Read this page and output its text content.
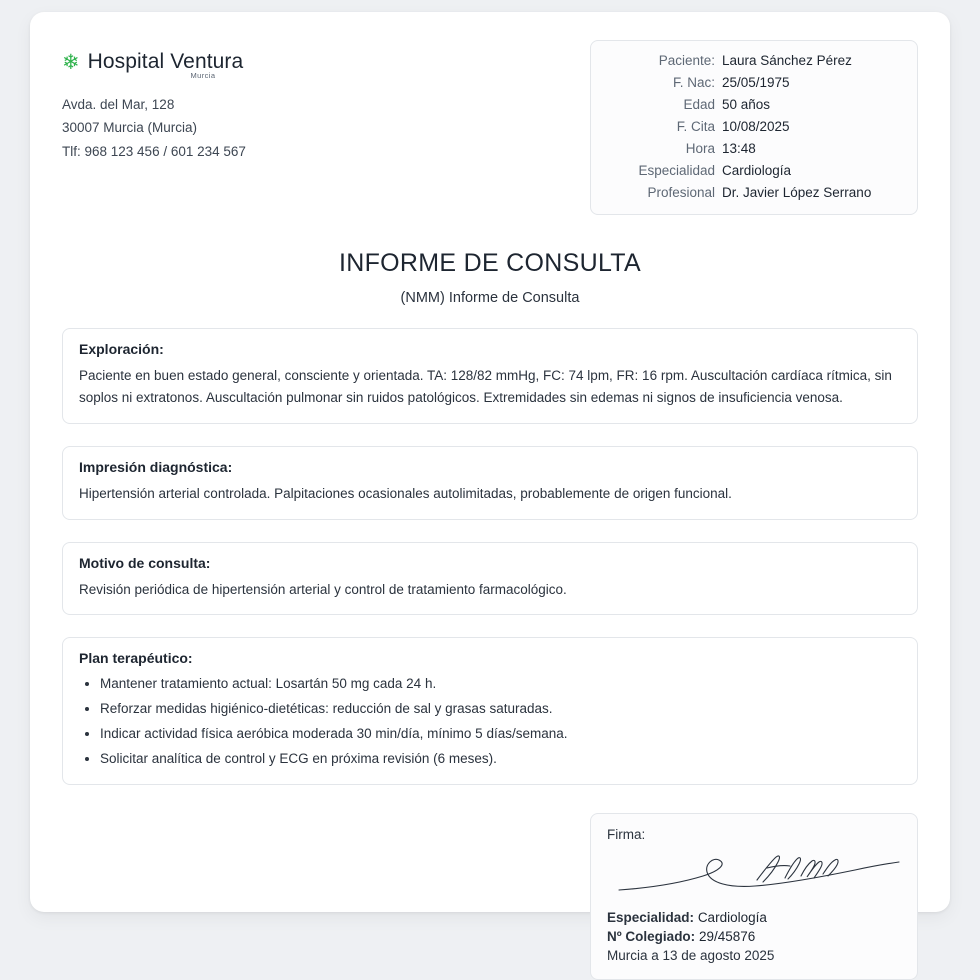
❄ Hospital Ventura
Murcia
Avda. del Mar, 128
30007 Murcia (Murcia)
Tlf: 968 123 456 / 601 234 567
Paciente: Laura Sánchez Pérez
F. Nac: 25/05/1975
Edad 50 años
F. Cita 10/08/2025
Hora 13:48
Especialidad Cardiología
Profesional Dr. Javier López Serrano
INFORME DE CONSULTA
(NMM) Informe de Consulta
Exploración:
Paciente en buen estado general, consciente y orientada. TA: 128/82 mmHg, FC: 74 lpm, FR: 16 rpm. Auscultación cardíaca rítmica, sin soplos ni extratonos. Auscultación pulmonar sin ruidos patológicos. Extremidades sin edemas ni signos de insuficiencia venosa.
Impresión diagnóstica:
Hipertensión arterial controlada. Palpitaciones ocasionales autolimitadas, probablemente de origen funcional.
Motivo de consulta:
Revisión periódica de hipertensión arterial y control de tratamiento farmacológico.
Plan terapéutico:
• Mantener tratamiento actual: Losartán 50 mg cada 24 h.
• Reforzar medidas higiénico-dietéticas: reducción de sal y grasas saturadas.
• Indicar actividad física aeróbica moderada 30 min/día, mínimo 5 días/semana.
• Solicitar analítica de control y ECG en próxima revisión (6 meses).
Firma:
Especialidad: Cardiología
Nº Colegiado: 29/45876
Murcia a 13 de agosto 2025
